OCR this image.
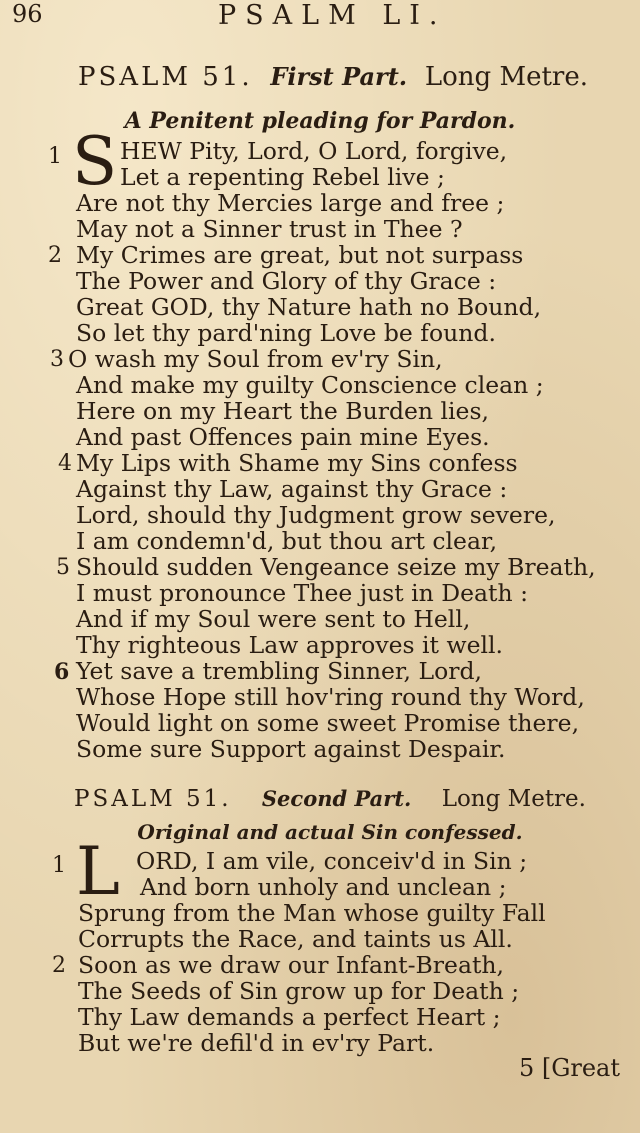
96	PSALM LI.
PSALM 51. First Part. Long Metre.
A Penitent pleading for Pardon.
1 S HEW Pity, Lord, O Lord, forgive,
Let a repenting Rebel live ;
Are not thy Mercies large and free ;
May not a Sinner trust in Thee ?
2 My Crimes are great, but not surpass
The Power and Glory of thy Grace :
Great GOD, thy Nature hath no Bound,
So let thy pard'ning Love be found.
3 O wash my Soul from ev'ry Sin,
And make my guilty Conscience clean ;
Here on my Heart the Burden lies,
And past Offences pain mine Eyes.
4 My Lips with Shame my Sins confess
Against thy Law, against thy Grace :
Lord, should thy Judgment grow severe,
I am condemn'd, but thou art clear,
5 Should sudden Vengeance seize my Breath,
I must pronounce Thee just in Death :
And if my Soul were sent to Hell,
Thy righteous Law approves it well.
6 Yet save a trembling Sinner, Lord,
Whose Hope still hov'ring round thy Word,
Would light on some sweet Promise there,
Some sure Support against Despair.
PSALM 51. Second Part. Long Metre.
Original and actual Sin confessed.
1 L ORD, I am vile, conceiv'd in Sin ;
And born unholy and unclean ;
Sprung from the Man whose guilty Fall
Corrupts the Race, and taints us All.
2 Soon as we draw our Infant-Breath,
The Seeds of Sin grow up for Death ;
Thy Law demands a perfect Heart ;
But we're defil'd in ev'ry Part.
5 [Great
